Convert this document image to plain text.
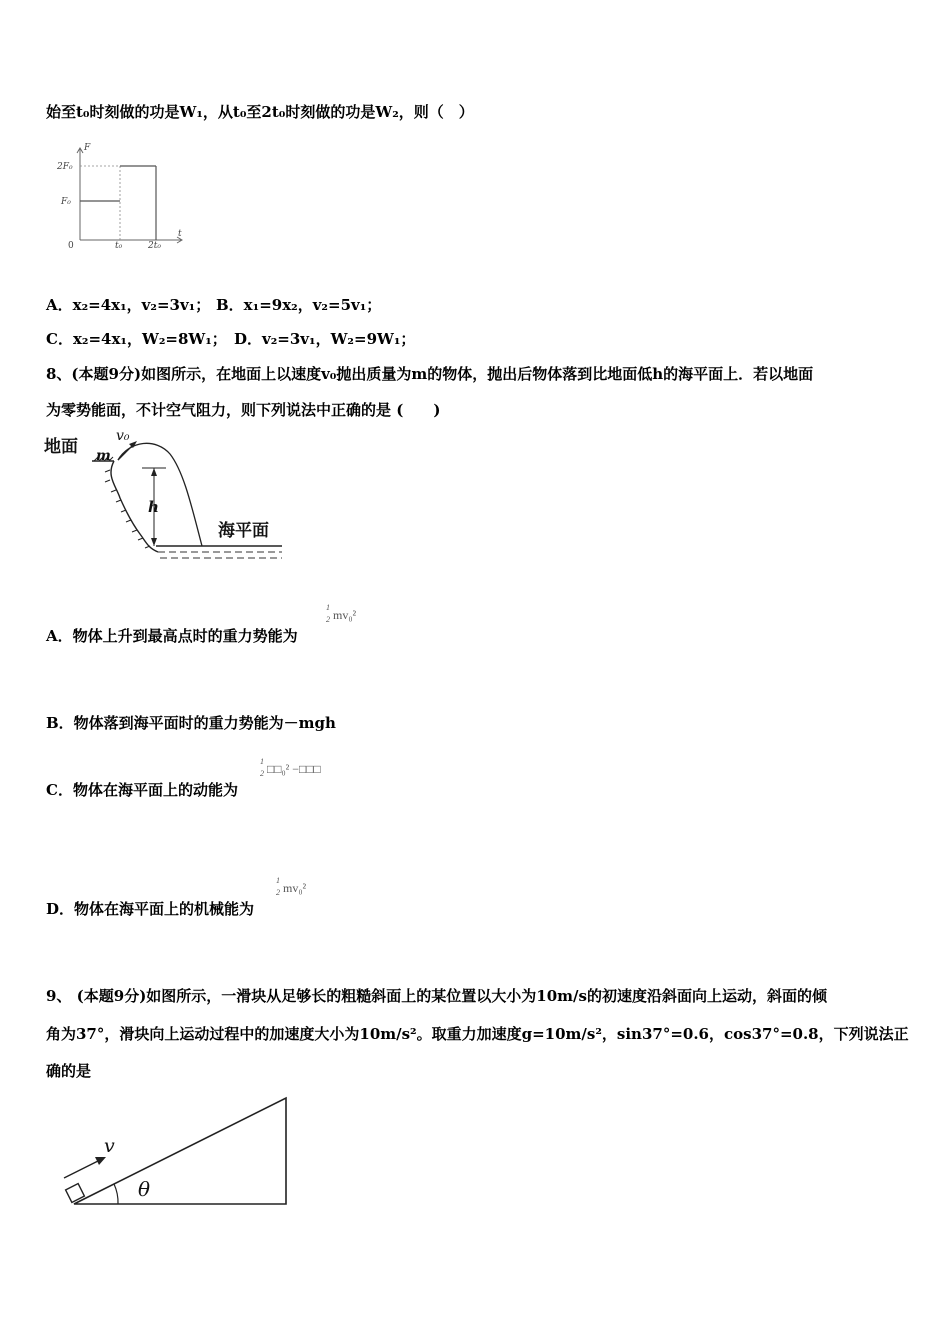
始至t₀时刻做的功是W₁，从t₀至2t₀时刻做的功是W₂，则（　）
F
t
2F₀
F₀
0	t₀	2t₀
A．x₂=4x₁，v₂=3v₁； B．x₁=9x₂，v₂=5v₁；
C．x₂=4x₁，W₂=8W₁； D．v₂=3v₁，W₂=9W₁；
8、(本题9分)如图所示，在地面上以速度v₀抛出质量为m的物体，抛出后物体落到比地面低h的海平面上．若以地面
为零势能面，不计空气阻力，则下列说法中正确的是 (　　)
地面
v₀
m
h
海平面
A．物体上升到最高点时的重力势能为
1
2 mv₀²
B．物体落到海平面时的重力势能为－mgh
C．物体在海平面上的动能为
1
2 □□₀² −□□□
D．物体在海平面上的机械能为
1
2 mv₀²
9、 (本题9分)如图所示，一滑块从足够长的粗糙斜面上的某位置以大小为10m/s的初速度沿斜面向上运动，斜面的倾
角为37°，滑块向上运动过程中的加速度大小为10m/s²。取重力加速度g=10m/s²，sin37°=0.6，cos37°=0.8，下列说法正
确的是
v
θ
